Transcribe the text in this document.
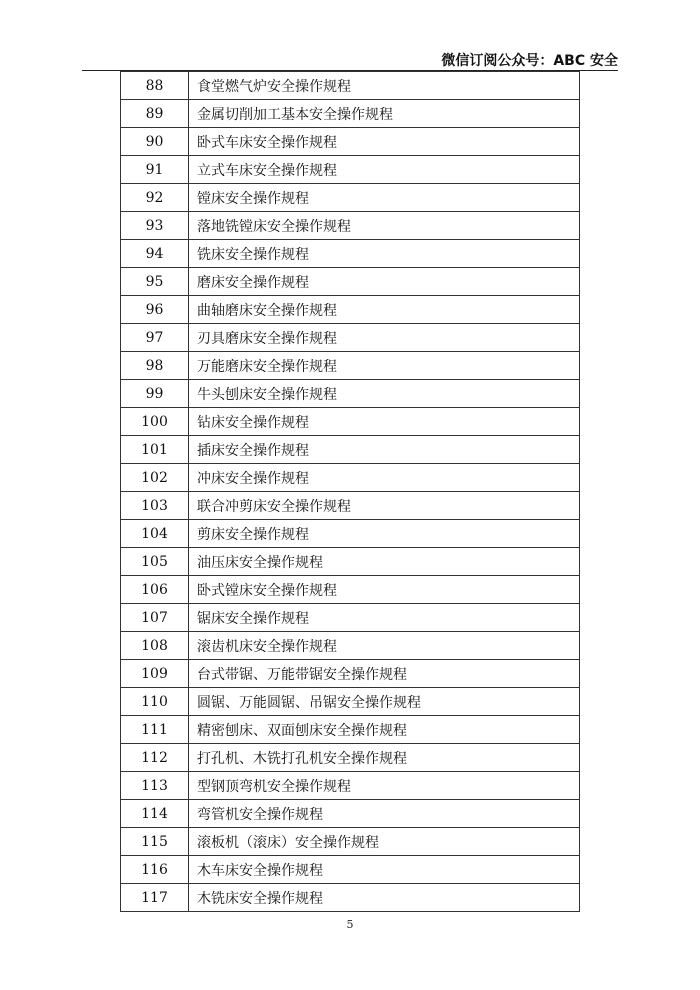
微信订阅公众号：ABC 安全
88	食堂燃气炉安全操作规程
89	金属切削加工基本安全操作规程
90	卧式车床安全操作规程
91	立式车床安全操作规程
92	镗床安全操作规程
93	落地铣镗床安全操作规程
94	铣床安全操作规程
95	磨床安全操作规程
96	曲轴磨床安全操作规程
97	刃具磨床安全操作规程
98	万能磨床安全操作规程
99	牛头刨床安全操作规程
100	钻床安全操作规程
101	插床安全操作规程
102	冲床安全操作规程
103	联合冲剪床安全操作规程
104	剪床安全操作规程
105	油压床安全操作规程
106	卧式镗床安全操作规程
107	锯床安全操作规程
108	滚齿机床安全操作规程
109	台式带锯、万能带锯安全操作规程
110	圆锯、万能圆锯、吊锯安全操作规程
111	精密刨床、双面刨床安全操作规程
112	打孔机、木铣打孔机安全操作规程
113	型钢顶弯机安全操作规程
114	弯管机安全操作规程
115	滚板机（滚床）安全操作规程
116	木车床安全操作规程
117	木铣床安全操作规程
5
